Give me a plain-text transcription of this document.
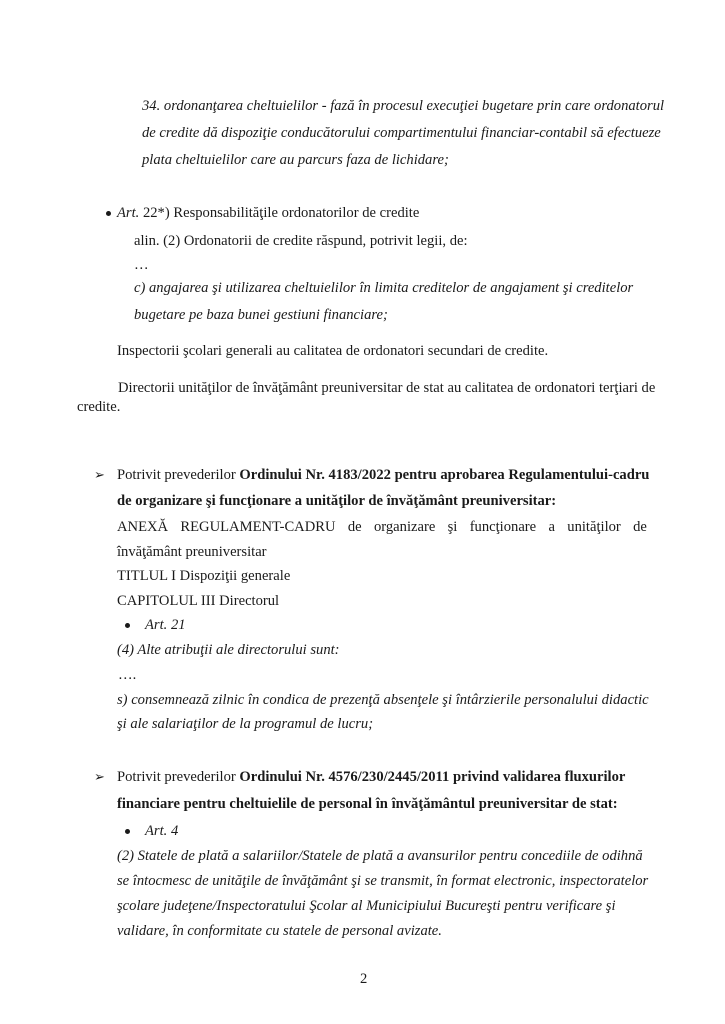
34. ordonanţarea cheltuielilor - fază în procesul execuţiei bugetare prin care ordonatorul

de credite dă dispoziţie conducătorului compartimentului financiar-contabil să efectueze

plata cheltuielilor care au parcurs faza de lichidare;

Art. 22*) Responsabilităţile ordonatorilor de credite

alin. (2) Ordonatorii de credite răspund, potrivit legii, de:

…

c) angajarea şi utilizarea cheltuielilor în limita creditelor de angajament şi creditelor

bugetare pe baza bunei gestiuni financiare;

Inspectorii şcolari generali au calitatea de ordonatori secundari de credite.

Directorii unităţilor de învăţământ preuniversitar de stat au calitatea de ordonatori terţiari de

credite.

➢ Potrivit prevederilor Ordinului Nr. 4183/2022 pentru aprobarea Regulamentului-cadru

de organizare şi funcţionare a unităţilor de învăţământ preuniversitar:

ANEXĂ REGULAMENT-CADRU de organizare şi funcţionare a unităţilor de

învăţământ preuniversitar

TITLUL I Dispoziţii generale

CAPITOLUL III Directorul

Art. 21

(4) Alte atribuţii ale directorului sunt:

….

s) consemnează zilnic în condica de prezenţă absenţele şi întârzierile personalului didactic

şi ale salariaţilor de la programul de lucru;

➢ Potrivit prevederilor Ordinului Nr. 4576/230/2445/2011 privind validarea fluxurilor

financiare pentru cheltuielile de personal în învăţământul preuniversitar de stat:

Art. 4

(2) Statele de plată a salariilor/Statele de plată a avansurilor pentru concediile de odihnă

se întocmesc de unităţile de învăţământ şi se transmit, în format electronic, inspectoratelor

şcolare judeţene/Inspectoratului Şcolar al Municipiului Bucureşti pentru verificare şi

validare, în conformitate cu statele de personal avizate.

2
